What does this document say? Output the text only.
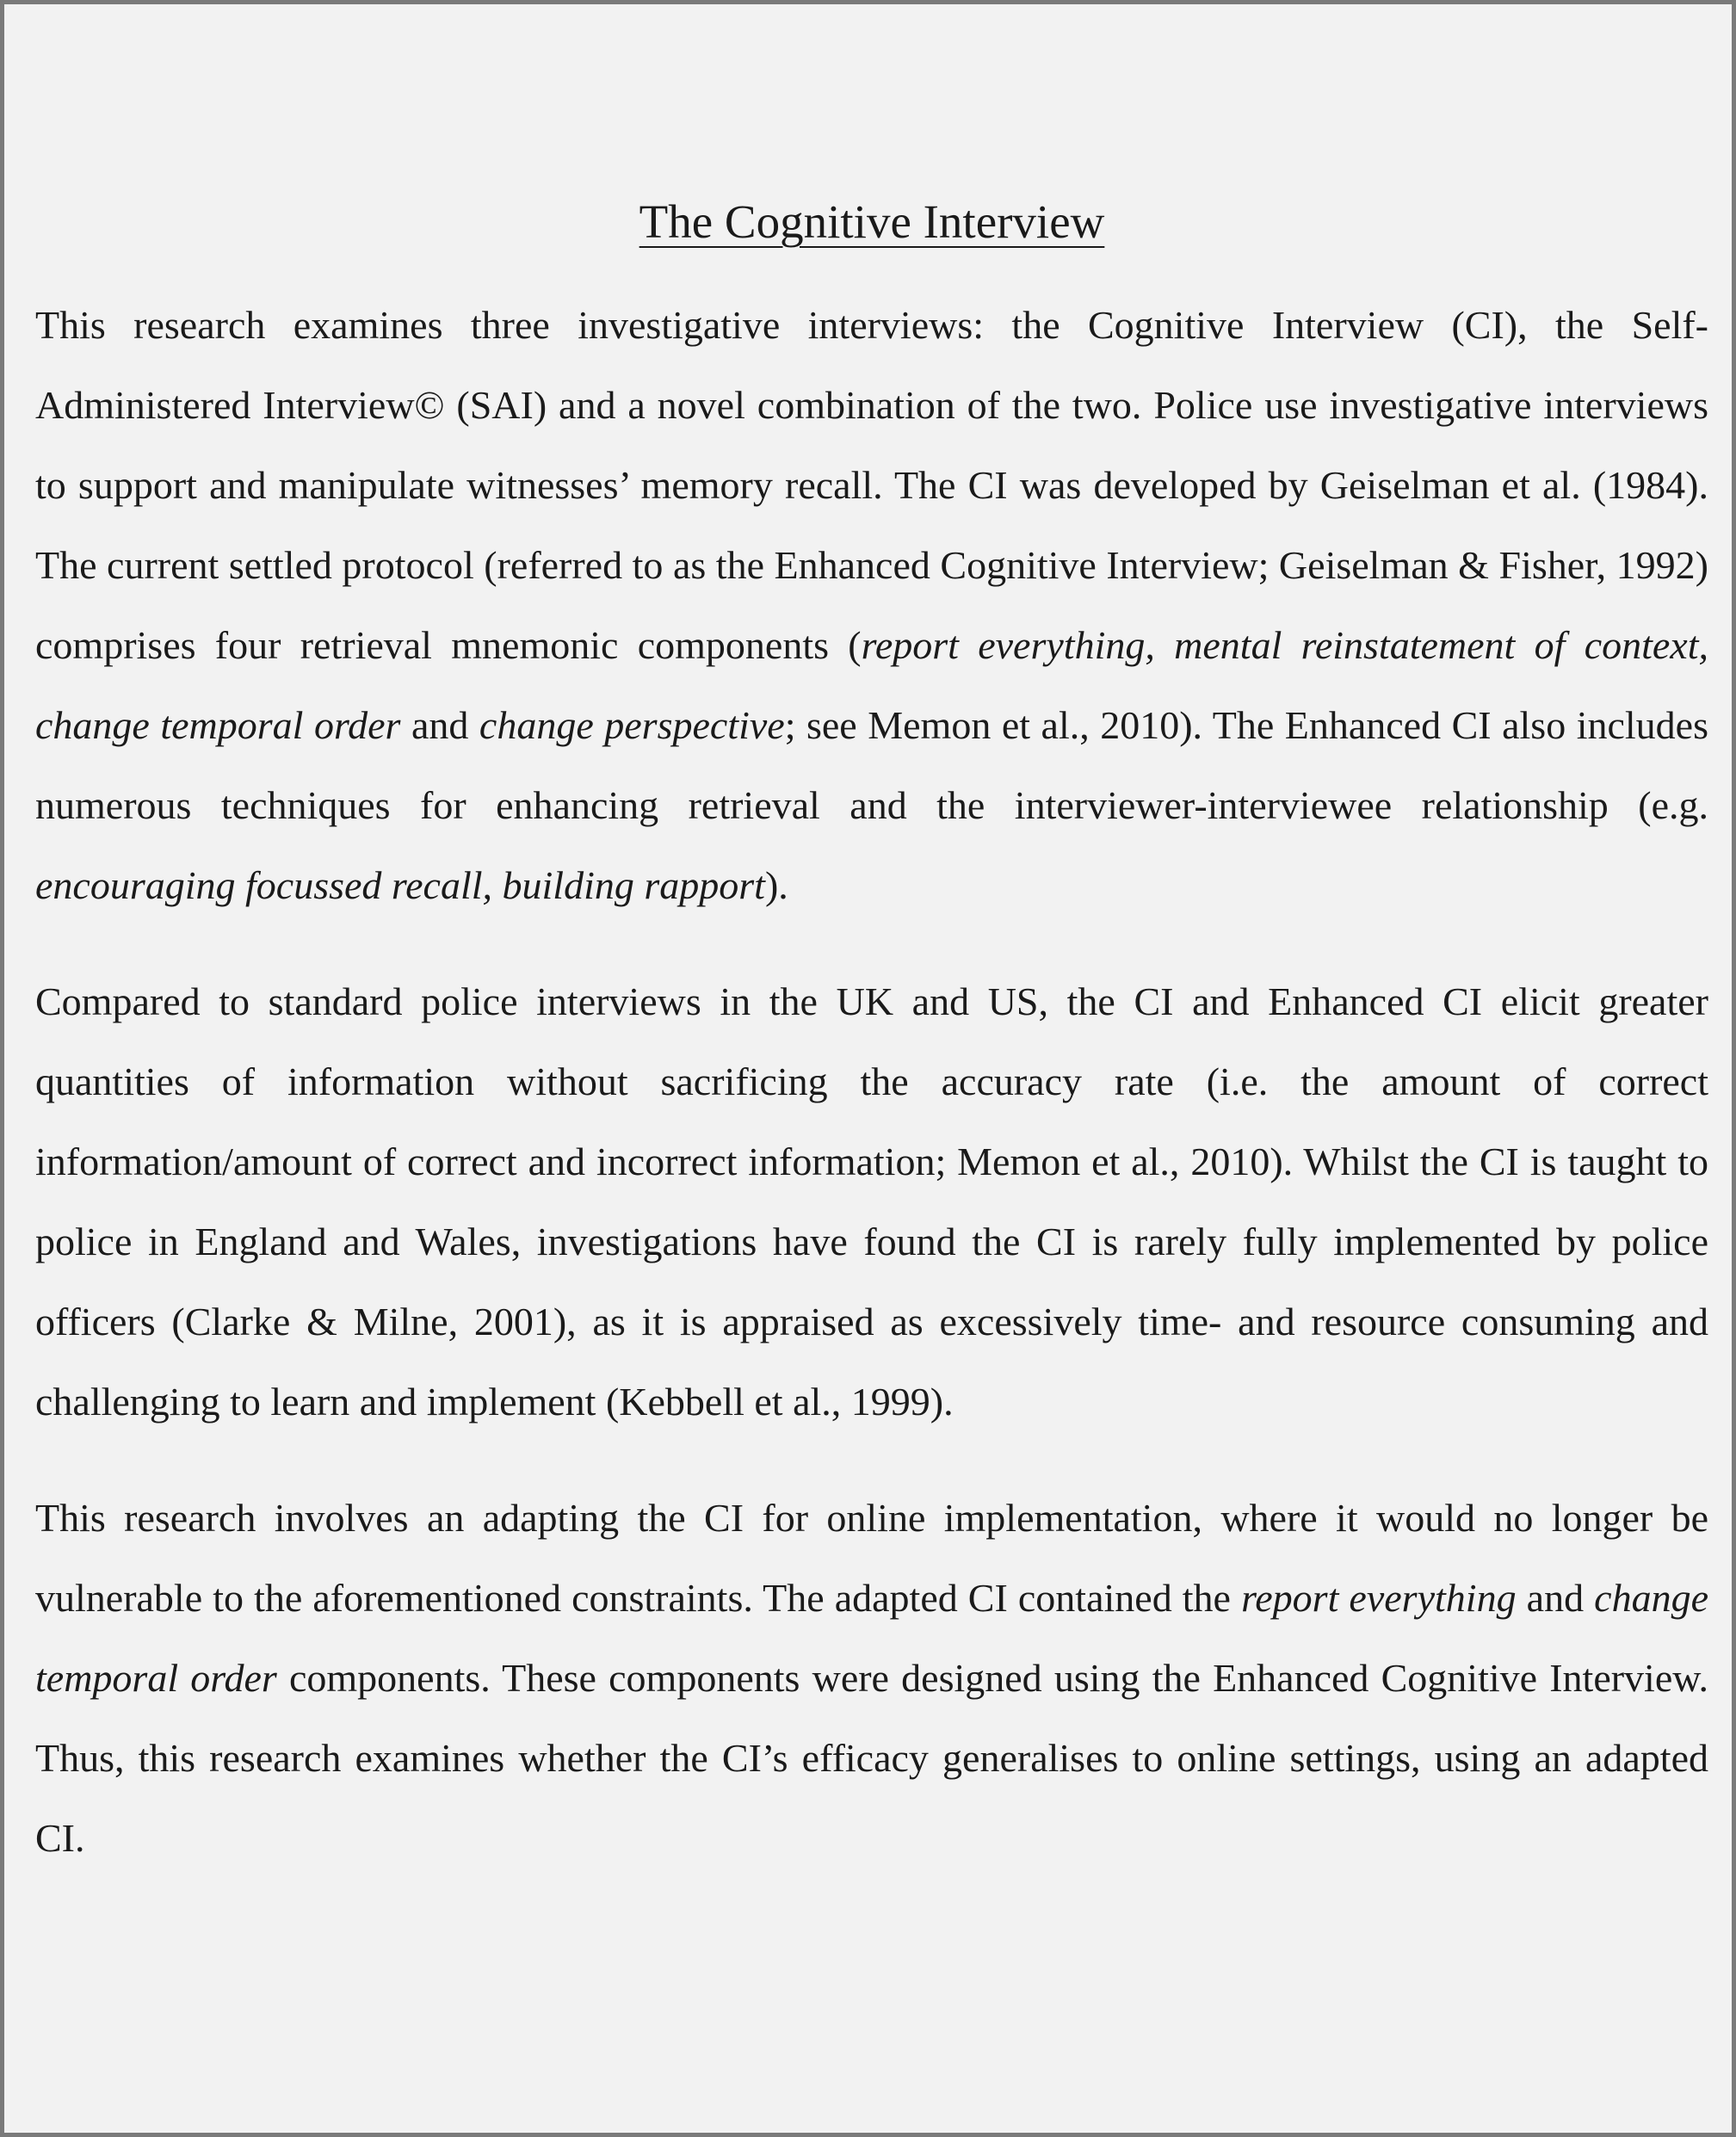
The Cognitive Interview

This research examines three investigative interviews: the Cognitive Interview (CI), the Self-Administered Interview© (SAI) and a novel combination of the two. Police use investigative interviews to support and manipulate witnesses’ memory recall. The CI was developed by Geiselman et al. (1984). The current settled protocol (referred to as the Enhanced Cognitive Interview; Geiselman & Fisher, 1992) comprises four retrieval mnemonic components (report everything, mental reinstatement of context, change temporal order and change perspective; see Memon et al., 2010). The Enhanced CI also includes numerous techniques for enhancing retrieval and the interviewer-interviewee relationship (e.g. encouraging focussed recall, building rapport).

Compared to standard police interviews in the UK and US, the CI and Enhanced CI elicit greater quantities of information without sacrificing the accuracy rate (i.e. the amount of correct information/amount of correct and incorrect information; Memon et al., 2010). Whilst the CI is taught to police in England and Wales, investigations have found the CI is rarely fully implemented by police officers (Clarke & Milne, 2001), as it is appraised as excessively time- and resource consuming and challenging to learn and implement (Kebbell et al., 1999).

This research involves an adapting the CI for online implementation, where it would no longer be vulnerable to the aforementioned constraints. The adapted CI contained the report everything and change temporal order components. These components were designed using the Enhanced Cognitive Interview. Thus, this research examines whether the CI’s efficacy generalises to online settings, using an adapted CI.
